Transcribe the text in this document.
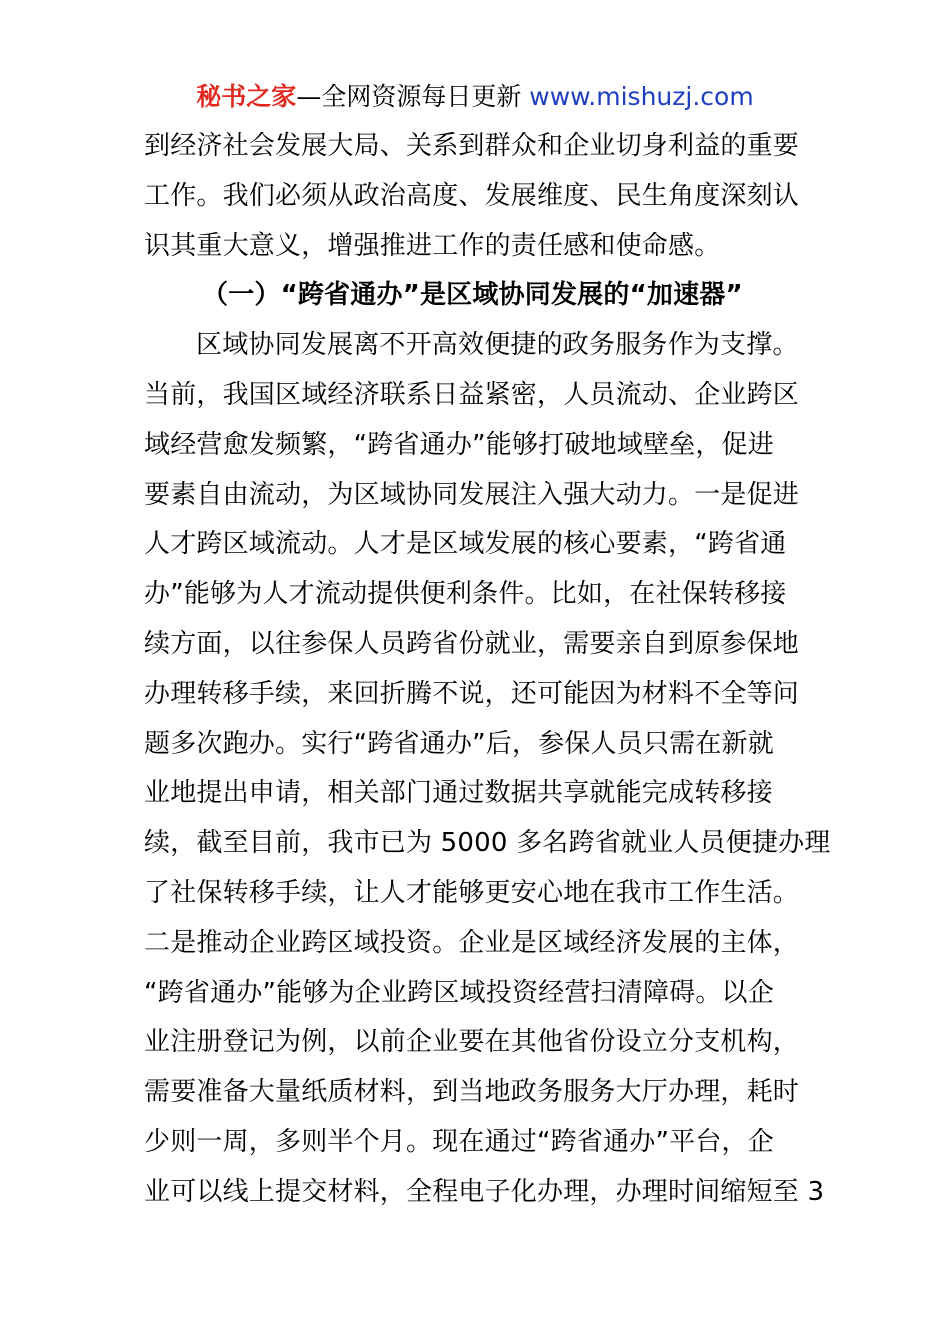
秘书之家—全网资源每日更新 www.mishuzj.com
到经济社会发展大局、关系到群众和企业切身利益的重要
工作。我们必须从政治高度、发展维度、民生角度深刻认
识其重大意义，增强推进工作的责任感和使命感。
（一）“跨省通办”是区域协同发展的“加速器”
区域协同发展离不开高效便捷的政务服务作为支撑。
当前，我国区域经济联系日益紧密，人员流动、企业跨区
域经营愈发频繁，“跨省通办”能够打破地域壁垒，促进
要素自由流动，为区域协同发展注入强大动力。一是促进
人才跨区域流动。人才是区域发展的核心要素，“跨省通
办”能够为人才流动提供便利条件。比如，在社保转移接
续方面，以往参保人员跨省份就业，需要亲自到原参保地
办理转移手续，来回折腾不说，还可能因为材料不全等问
题多次跑办。实行“跨省通办”后，参保人员只需在新就
业地提出申请，相关部门通过数据共享就能完成转移接
续，截至目前，我市已为 5000 多名跨省就业人员便捷办理
了社保转移手续，让人才能够更安心地在我市工作生活。
二是推动企业跨区域投资。企业是区域经济发展的主体，
“跨省通办”能够为企业跨区域投资经营扫清障碍。以企
业注册登记为例，以前企业要在其他省份设立分支机构，
需要准备大量纸质材料，到当地政务服务大厅办理，耗时
少则一周，多则半个月。现在通过“跨省通办”平台，企
业可以线上提交材料，全程电子化办理，办理时间缩短至 3
